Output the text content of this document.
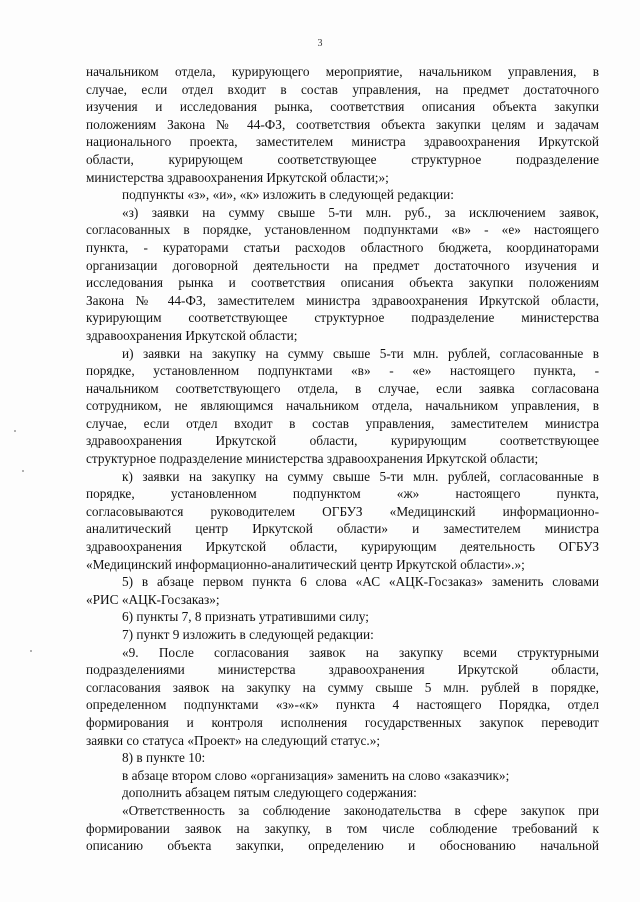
3
начальником отдела, курирующего мероприятие, начальником управления, в
случае, если отдел входит в состав управления, на предмет достаточного
изучения и исследования рынка, соответствия описания объекта закупки
положениям Закона № 44-ФЗ, соответствия объекта закупки целям и задачам
национального проекта, заместителем министра здравоохранения Иркутской
области, курирующем соответствующее структурное подразделение
министерства здравоохранения Иркутской области;»;
подпункты «з», «и», «к» изложить в следующей редакции:
«з) заявки на сумму свыше 5-ти млн. руб., за исключением заявок,
согласованных в порядке, установленном подпунктами «в» - «е» настоящего
пункта, - кураторами статьи расходов областного бюджета, координаторами
организации договорной деятельности на предмет достаточного изучения и
исследования рынка и соответствия описания объекта закупки положениям
Закона № 44-ФЗ, заместителем министра здравоохранения Иркутской области,
курирующим соответствующее структурное подразделение министерства
здравоохранения Иркутской области;
и) заявки на закупку на сумму свыше 5-ти млн. рублей, согласованные в
порядке, установленном подпунктами «в» - «е» настоящего пункта, -
начальником соответствующего отдела, в случае, если заявка согласована
сотрудником, не являющимся начальником отдела, начальником управления, в
случае, если отдел входит в состав управления, заместителем министра
здравоохранения Иркутской области, курирующим соответствующее
структурное подразделение министерства здравоохранения Иркутской области;
к) заявки на закупку на сумму свыше 5-ти млн. рублей, согласованные в
порядке, установленном подпунктом «ж» настоящего пункта,
согласовываются руководителем ОГБУЗ «Медицинский информационно-
аналитический центр Иркутской области» и заместителем министра
здравоохранения Иркутской области, курирующим деятельность ОГБУЗ
«Медицинский информационно-аналитический центр Иркутской области».»;
5) в абзаце первом пункта 6 слова «АС «АЦК-Госзаказ» заменить словами
«РИС «АЦК-Госзаказ»;
6) пункты 7, 8 признать утратившими силу;
7) пункт 9 изложить в следующей редакции:
«9. После согласования заявок на закупку всеми структурными
подразделениями министерства здравоохранения Иркутской области,
согласования заявок на закупку на сумму свыше 5 млн. рублей в порядке,
определенном подпунктами «з»-«к» пункта 4 настоящего Порядка, отдел
формирования и контроля исполнения государственных закупок переводит
заявки со статуса «Проект» на следующий статус.»;
8) в пункте 10:
в абзаце втором слово «организация» заменить на слово «заказчик»;
дополнить абзацем пятым следующего содержания:
«Ответственность за соблюдение законодательства в сфере закупок при
формировании заявок на закупку, в том числе соблюдение требований к
описанию объекта закупки, определению и обоснованию начальной
